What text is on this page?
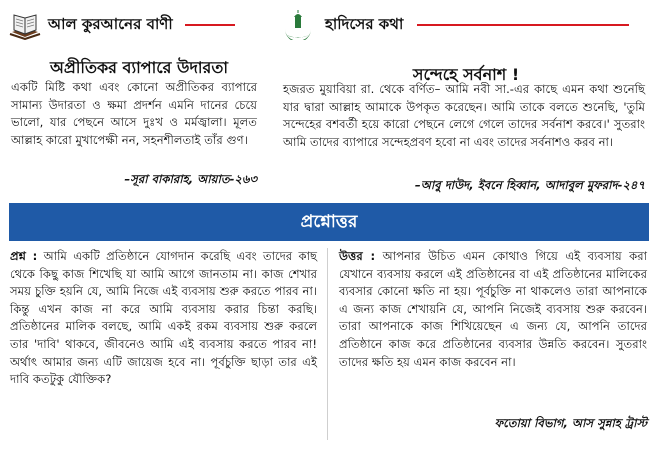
আল কুরআনের বাণী	হাদিসের কথা
অপ্রীতিকর ব্যাপারে উদারতা
একটি মিষ্টি কথা এবং কোনো অপ্রীতিকর ব্যাপারে সামান্য উদারতা ও ক্ষমা প্রদর্শন এমনি দানের চেয়ে ভালো, যার পেছনে আসে দুঃখ ও মর্মজ্বালা। মূলত আল্লাহ কারো মুখাপেক্ষী নন, সহনশীলতাই তাঁর গুণ।
–সূরা বাকারাহ, আয়াত-২৬৩
সন্দেহে সর্বনাশ !
হজরত মুয়াবিয়া রা. থেকে বর্ণিত– আমি নবী সা.-এর কাছে এমন কথা শুনেছি যার দ্বারা আল্লাহ আমাকে উপকৃত করেছেন। আমি তাকে বলতে শুনেছি, 'তুমি সন্দেহের বশবর্তী হয়ে কারো পেছনে লেগে গেলে তাদের সর্বনাশ করবে।' সুতরাং আমি তাদের ব্যাপারে সন্দেহপ্রবণ হবো না এবং তাদের সর্বনাশও করব না।
–আবু দাউদ, ইবনে হিব্বান, আদাবুল মুফরাদ-২৪৭
প্রশ্নোত্তর
প্রশ্ন : আমি একটি প্রতিষ্ঠানে যোগদান করেছি এবং তাদের কাছ থেকে কিছু কাজ শিখেছি যা আমি আগে জানতাম না। কাজ শেখার সময় চুক্তি হয়নি যে, আমি নিজে এই ব্যবসায় শুরু করতে পারব না। কিন্তু এখন কাজ না করে আমি ব্যবসায় করার চিন্তা করছি। প্রতিষ্ঠানের মালিক বলছে, আমি একই রকম ব্যবসায় শুরু করলে তার 'দাবি' থাকবে, জীবনেও আমি এই ব্যবসায় করতে পারব না! অর্থাৎ আমার জন্য এটি জায়েজ হবে না। পূর্বচুক্তি ছাড়া তার এই দাবি কতটুকু যৌক্তিক?
উত্তর : আপনার উচিত এমন কোথাও গিয়ে এই ব্যবসায় করা যেখানে ব্যবসায় করলে এই প্রতিষ্ঠানের বা এই প্রতিষ্ঠানের মালিকের ব্যবসার কোনো ক্ষতি না হয়। পূর্বচুক্তি না থাকলেও তারা আপনাকে এ জন্য কাজ শেখায়নি যে, আপনি নিজেই ব্যবসায় শুরু করবেন। তারা আপনাকে কাজ শিখিয়েছেন এ জন্য যে, আপনি তাদের প্রতিষ্ঠানে কাজ করে প্রতিষ্ঠানের ব্যবসার উন্নতি করবেন। সুতরাং তাদের ক্ষতি হয় এমন কাজ করবেন না।
ফতোয়া বিভাগ, আস সুন্নাহ ট্রাস্ট
